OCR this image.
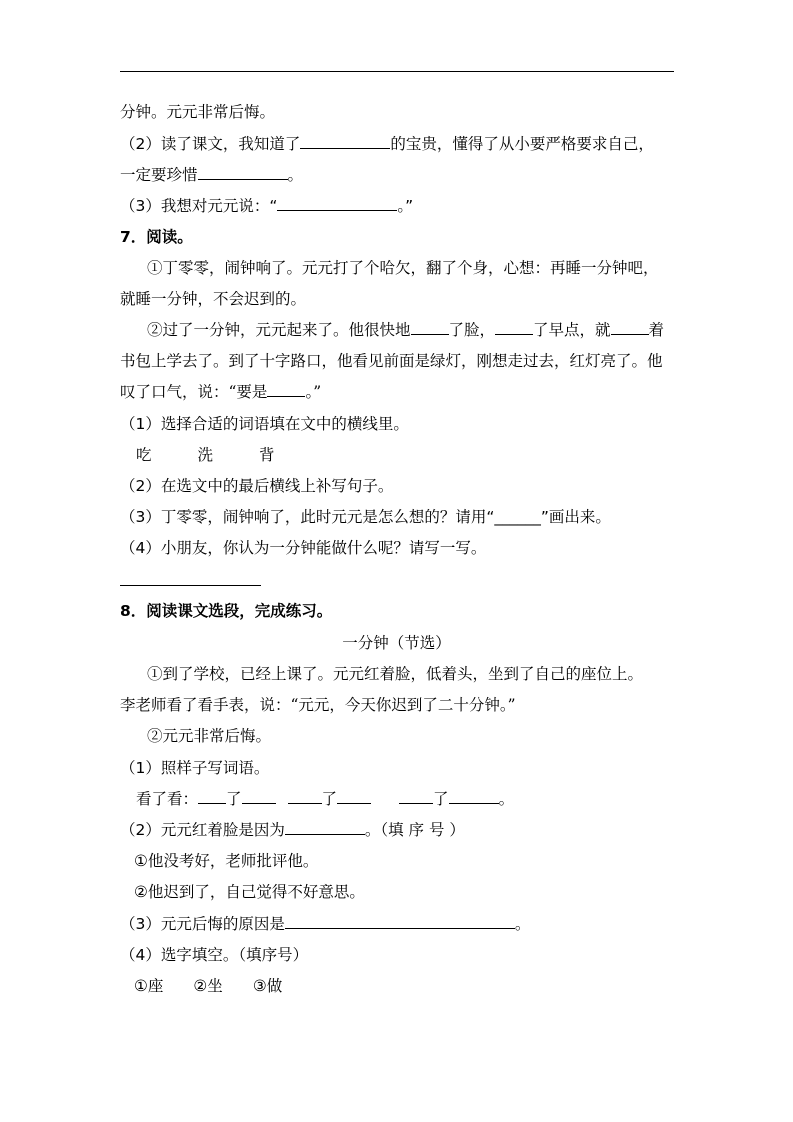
分钟。元元非常后悔。
（2）读了课文，我知道了	的宝贵，懂得了从小要严格要求自己，
一定要珍惜	。
（3）我想对元元说：“	。”
7．阅读。
①丁零零，闹钟响了。元元打了个哈欠，翻了个身，心想：再睡一分钟吧，
就睡一分钟，不会迟到的。
②过了一分钟，元元起来了。他很快地 了脸， 了早点，就 着
书包上学去了。到了十字路口，他看见前面是绿灯，刚想走过去，红灯亮了。他
叹了口气，说：“要是 。”
（1）选择合适的词语填在文中的横线里。
吃	洗	背
（2）在选文中的最后横线上补写句子。
（3）丁零零，闹钟响了，此时元元是怎么想的？请用“______”画出来。
（4）小朋友，你认为一分钟能做什么呢？请写一写。
8．阅读课文选段，完成练习。
一分钟（节选）
①到了学校，已经上课了。元元红着脸，低着头，坐到了自己的座位上。
李老师看了看手表，说：“元元，今天你迟到了二十分钟。”
②元元非常后悔。
（1）照样子写词语。
看了看： 了	了	了	。
（2）元元红着脸是因为	。（填 序 号 ）
①他没考好，老师批评他。
②他迟到了，自己觉得不好意思。
（3）元元后悔的原因是	。
（4）选字填空。（填序号）
①座 ②坐 ③做
